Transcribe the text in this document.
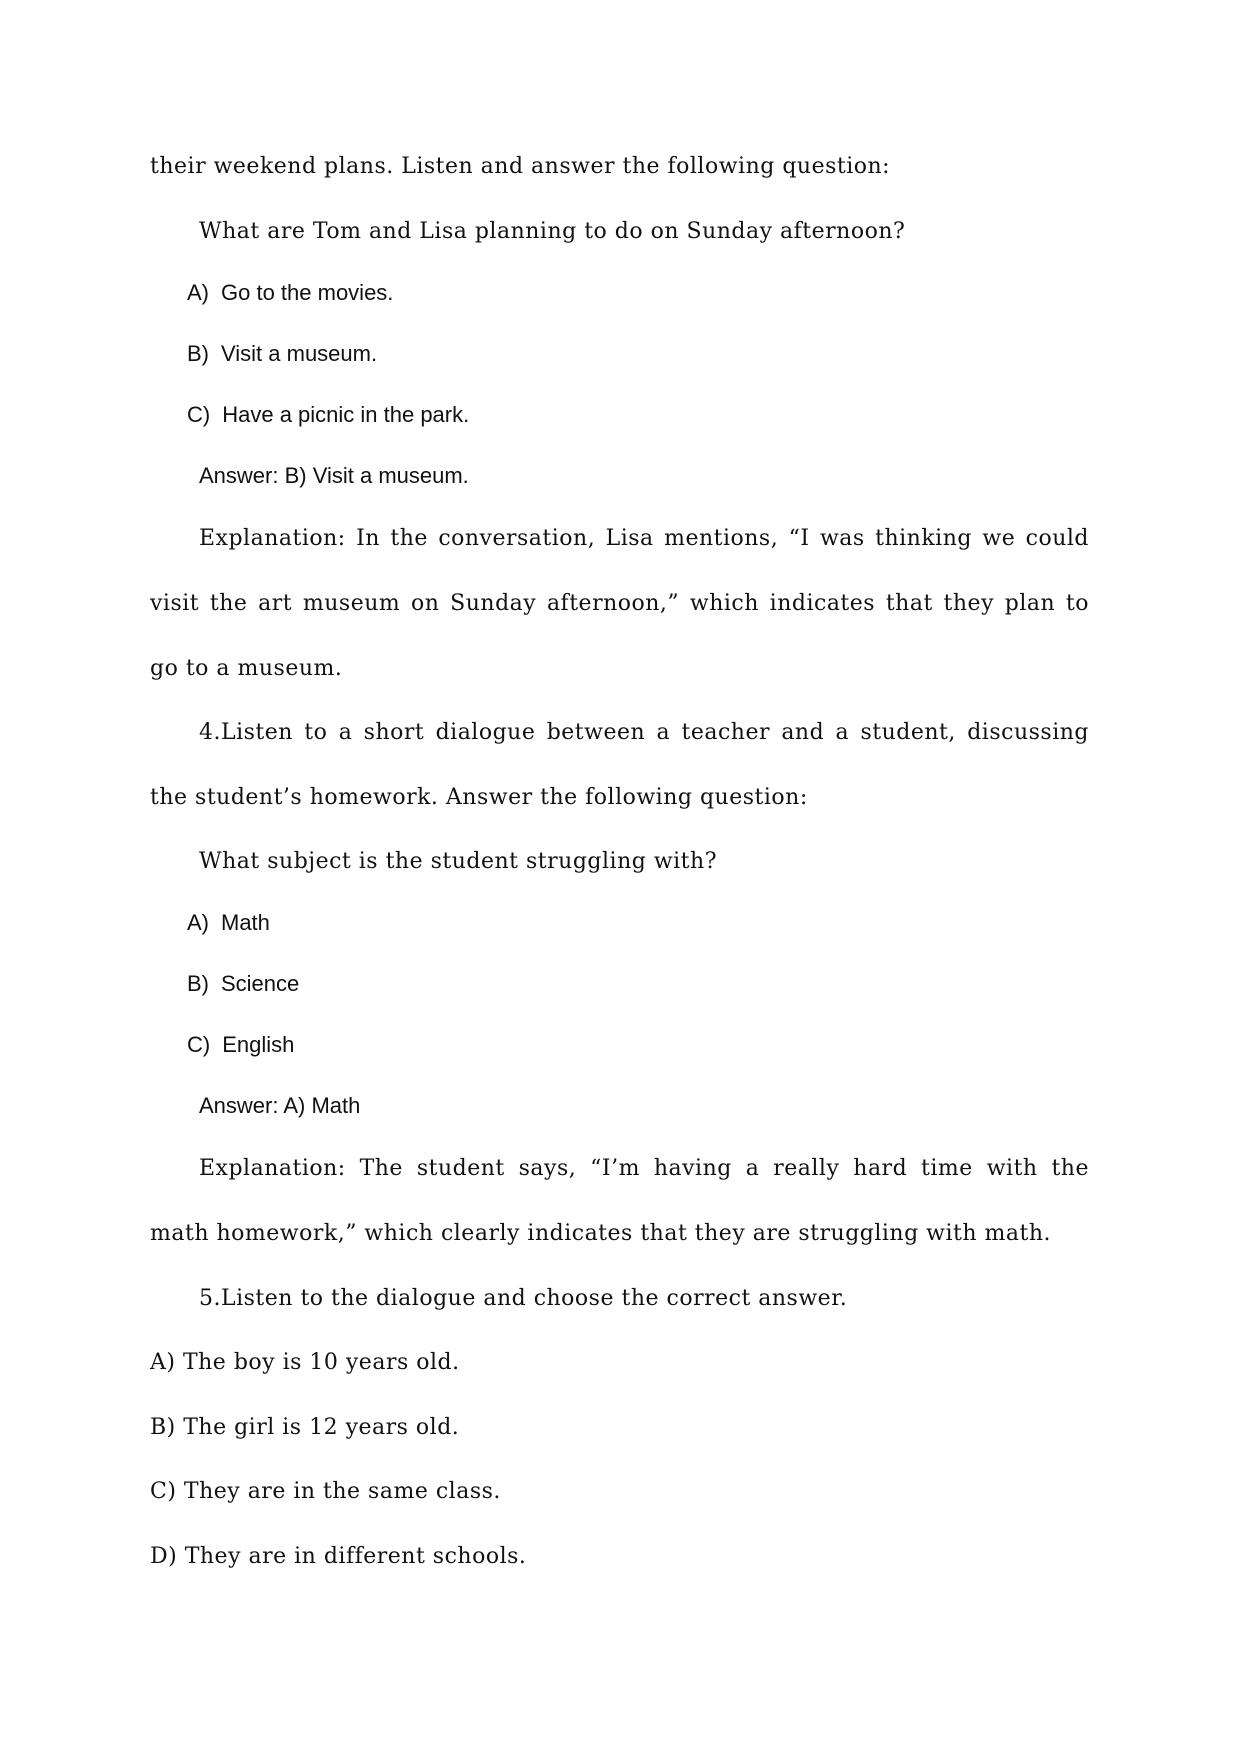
their weekend plans. Listen and answer the following question:

What are Tom and Lisa planning to do on Sunday afternoon?

A) Go to the movies.
B) Visit a museum.
C) Have a picnic in the park.

Answer: B) Visit a museum.

Explanation: In the conversation, Lisa mentions, “I was thinking we could

visit the art museum on Sunday afternoon,” which indicates that they plan to

go to a museum.

4.Listen to a short dialogue between a teacher and a student, discussing

the student’s homework. Answer the following question:

What subject is the student struggling with?

A) Math
B) Science
C) English

Answer: A) Math

Explanation: The student says, “I’m having a really hard time with the

math homework,” which clearly indicates that they are struggling with math.

5.Listen to the dialogue and choose the correct answer.

A) The boy is 10 years old.

B) The girl is 12 years old.

C) They are in the same class.

D) They are in different schools.
